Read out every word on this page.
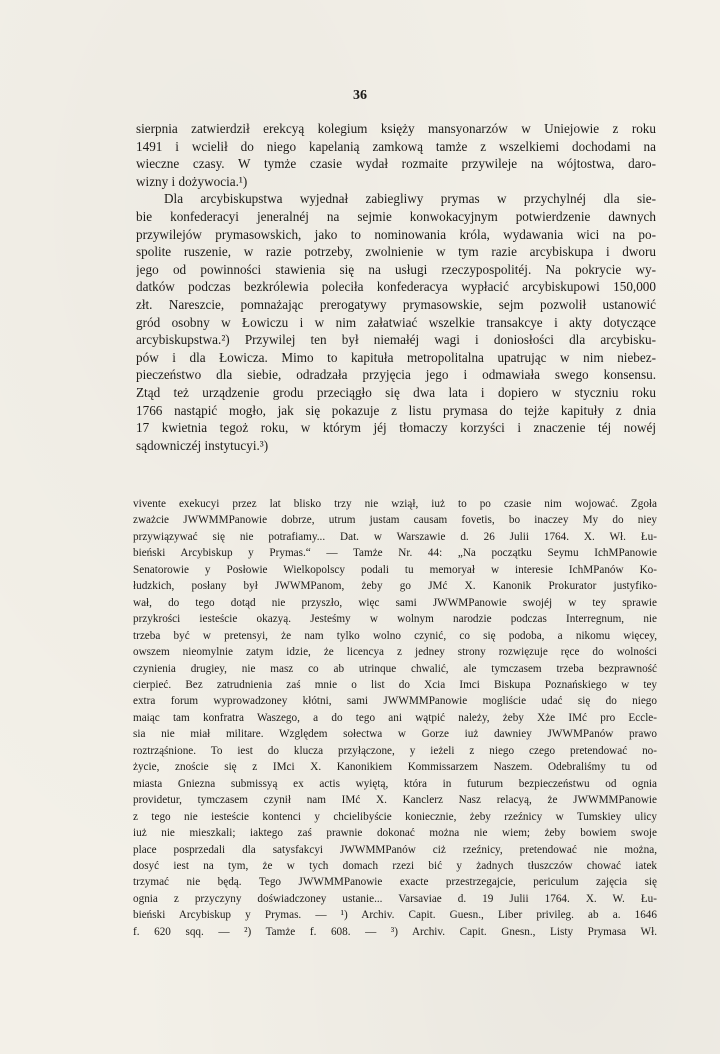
36
sierpnia zatwierdził erekcyą kolegium księży mansyonarzów w Uniejowie z roku
1491 i wcielił do niego kapelanią zamkową tamże z wszelkiemi dochodami na
wieczne czasy. W tymże czasie wydał rozmaite przywileje na wójtostwa, daro-
wizny i dożywocia.¹)
Dla arcybiskupstwa wyjednał zabiegliwy prymas w przychylnéj dla sie-
bie konfederacyi jeneralnéj na sejmie konwokacyjnym potwierdzenie dawnych
przywilejów prymasowskich, jako to nominowania króla, wydawania wici na po-
spolite ruszenie, w razie potrzeby, zwolnienie w tym razie arcybiskupa i dworu
jego od powinności stawienia się na usługi rzeczypospolitéj. Na pokrycie wy-
datków podczas bezkrólewia poleciła konfederacya wypłacić arcybiskupowi 150,000
złt. Nareszcie, pomnażając prerogatywy prymasowskie, sejm pozwolił ustanowić
gród osobny w Łowiczu i w nim załatwiać wszelkie transakcye i akty dotyczące
arcybiskupstwa.²) Przywilej ten był niemałéj wagi i doniosłości dla arcybisku-
pów i dla Łowicza. Mimo to kapituła metropolitalna upatrując w nim niebez-
pieczeństwo dla siebie, odradzała przyjęcia jego i odmawiała swego konsensu.
Ztąd też urządzenie grodu przeciągło się dwa lata i dopiero w styczniu roku
1766 nastąpić mogło, jak się pokazuje z listu prymasa do tejże kapituły z dnia
17 kwietnia tegoż roku, w którym jéj tłomaczy korzyści i znaczenie téj nowéj
sądowniczéj instytucyi.³)
vivente exekucyi przez lat blisko trzy nie wziął, iuż to po czasie nim wojować. Zgoła
zważcie JWWMMPanowie dobrze, utrum justam causam fovetis, bo inaczey My do niey
przywiązywać się nie potrafiamy... Dat. w Warszawie d. 26 Julii 1764. X. Wł. Łu-
bieński Arcybiskup y Prymas.“ — Tamże Nr. 44: „Na początku Seymu IchMPanowie
Senatorowie y Posłowie Wielkopolscy podali tu memoryał w interesie IchMPanów Ko-
łudzkich, posłany był JWWMPanom, żeby go JMć X. Kanonik Prokurator justyfiko-
wał, do tego dotąd nie przyszło, więc sami JWWMPanowie swojéj w tey sprawie
przykrości iesteście okazyą. Jesteśmy w wolnym narodzie podczas Interregnum, nie
trzeba być w pretensyi, że nam tylko wolno czynić, co się podoba, a nikomu więcey,
owszem nieomylnie zatym idzie, że licencya z jedney strony rozwięzuje ręce do wolności
czynienia drugiey, nie masz co ab utrinque chwalić, ale tymczasem trzeba bezprawność
cierpieć. Bez zatrudnienia zaś mnie o list do Xcia Imci Biskupa Poznańskiego w tey
extra forum wyprowadzoney kłótni, sami JWWMMPanowie mogliście udać się do niego
maiąc tam konfratra Waszego, a do tego ani wątpić należy, żeby Xże IMć pro Eccle-
sia nie miał militare. Względem sołectwa w Gorze iuż dawniey JWWMPanów prawo
roztrząśnione. To iest do klucza przyłączone, y ieżeli z niego czego pretendować no-
życie, znoście się z IMci X. Kanonikiem Kommissarzem Naszem. Odebraliśmy tu od
miasta Gniezna submissyą ex actis wyiętą, która in futurum bezpieczeństwu od ognia
providetur, tymczasem czynił nam IMć X. Kanclerz Nasz relacyą, że JWWMMPanowie
z tego nie iesteście kontenci y chcielibyście koniecznie, żeby rzeźnicy w Tumskiey ulicy
iuż nie mieszkali; iaktego zaś prawnie dokonać można nie wiem; żeby bowiem swoje
place posprzedali dla satysfakcyi JWWMMPanów ciż rzeźnicy, pretendować nie można,
dosyć iest na tym, że w tych domach rzezi bić y żadnych tłuszczów chować iatek
trzymać nie będą. Tego JWWMMPanowie exacte przestrzegajcie, periculum zajęcia się
ognia z przyczyny doświadczoney ustanie... Varsaviae d. 19 Julii 1764. X. W. Łu-
bieński Arcybiskup y Prymas. — ¹) Archiv. Capit. Guesn., Liber privileg. ab a. 1646
f. 620 sqq. — ²) Tamże f. 608. — ³) Archiv. Capit. Gnesn., Listy Prymasa Wł.
